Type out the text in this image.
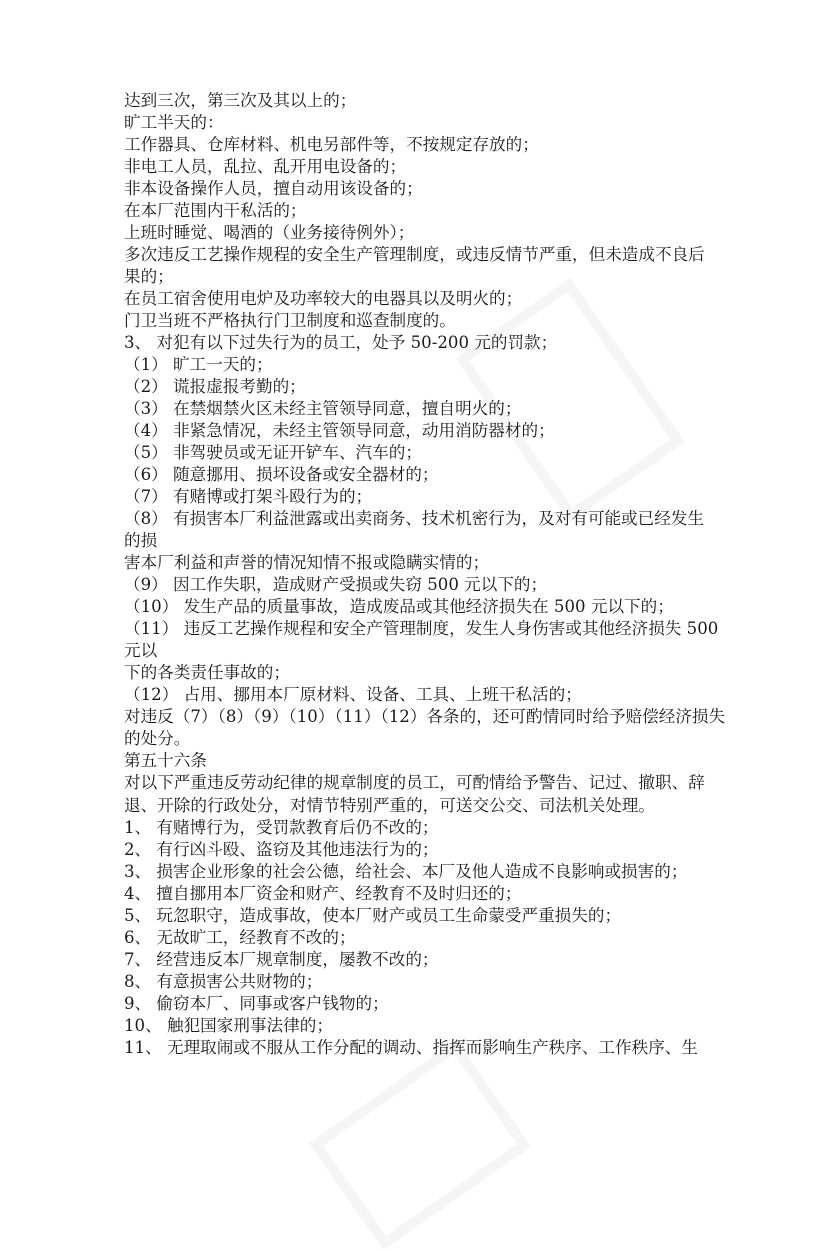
达到三次，第三次及其以上的；
旷工半天的：
工作器具、仓库材料、机电另部件等，不按规定存放的；
非电工人员，乱拉、乱开用电设备的；
非本设备操作人员，擅自动用该设备的；
在本厂范围内干私活的；
上班时睡觉、喝酒的（业务接待例外）；
多次违反工艺操作规程的安全生产管理制度，或违反情节严重，但未造成不良后
果的；
在员工宿舍使用电炉及功率较大的电器具以及明火的；
门卫当班不严格执行门卫制度和巡查制度的。
3、 对犯有以下过失行为的员工，处予 50-200 元的罚款；
（1） 旷工一天的；
（2） 谎报虚报考勤的；
（3） 在禁烟禁火区未经主管领导同意，擅自明火的；
（4） 非紧急情况，未经主管领导同意，动用消防器材的；
（5） 非驾驶员或无证开铲车、汽车的；
（6） 随意挪用、损坏设备或安全器材的；
（7） 有赌博或打架斗殴行为的；
（8） 有损害本厂利益泄露或出卖商务、技术机密行为，及对有可能或已经发生
的损
害本厂利益和声誉的情况知情不报或隐瞒实情的；
（9） 因工作失职，造成财产受损或失窃 500 元以下的；
（10） 发生产品的质量事故，造成废品或其他经济损失在 500 元以下的；
（11） 违反工艺操作规程和安全产管理制度，发生人身伤害或其他经济损失 500
元以
下的各类责任事故的；
（12） 占用、挪用本厂原材料、设备、工具、上班干私活的；
对违反（7）（8）（9）（10）（11）（12）各条的，还可酌情同时给予赔偿经济损失
的处分。
第五十六条
对以下严重违反劳动纪律的规章制度的员工，可酌情给予警告、记过、撤职、辞
退、开除的行政处分，对情节特别严重的，可送交公交、司法机关处理。
1、 有赌博行为，受罚款教育后仍不改的；
2、 有行凶斗殴、盗窃及其他违法行为的；
3、 损害企业形象的社会公德，给社会、本厂及他人造成不良影响或损害的；
4、 擅自挪用本厂资金和财产、经教育不及时归还的；
5、 玩忽职守，造成事故，使本厂财产或员工生命蒙受严重损失的；
6、 无故旷工，经教育不改的；
7、 经营违反本厂规章制度，屡教不改的；
8、 有意损害公共财物的；
9、 偷窃本厂、同事或客户钱物的；
10、 触犯国家刑事法律的；
11、 无理取闹或不服从工作分配的调动、指挥而影响生产秩序、工作秩序、生
